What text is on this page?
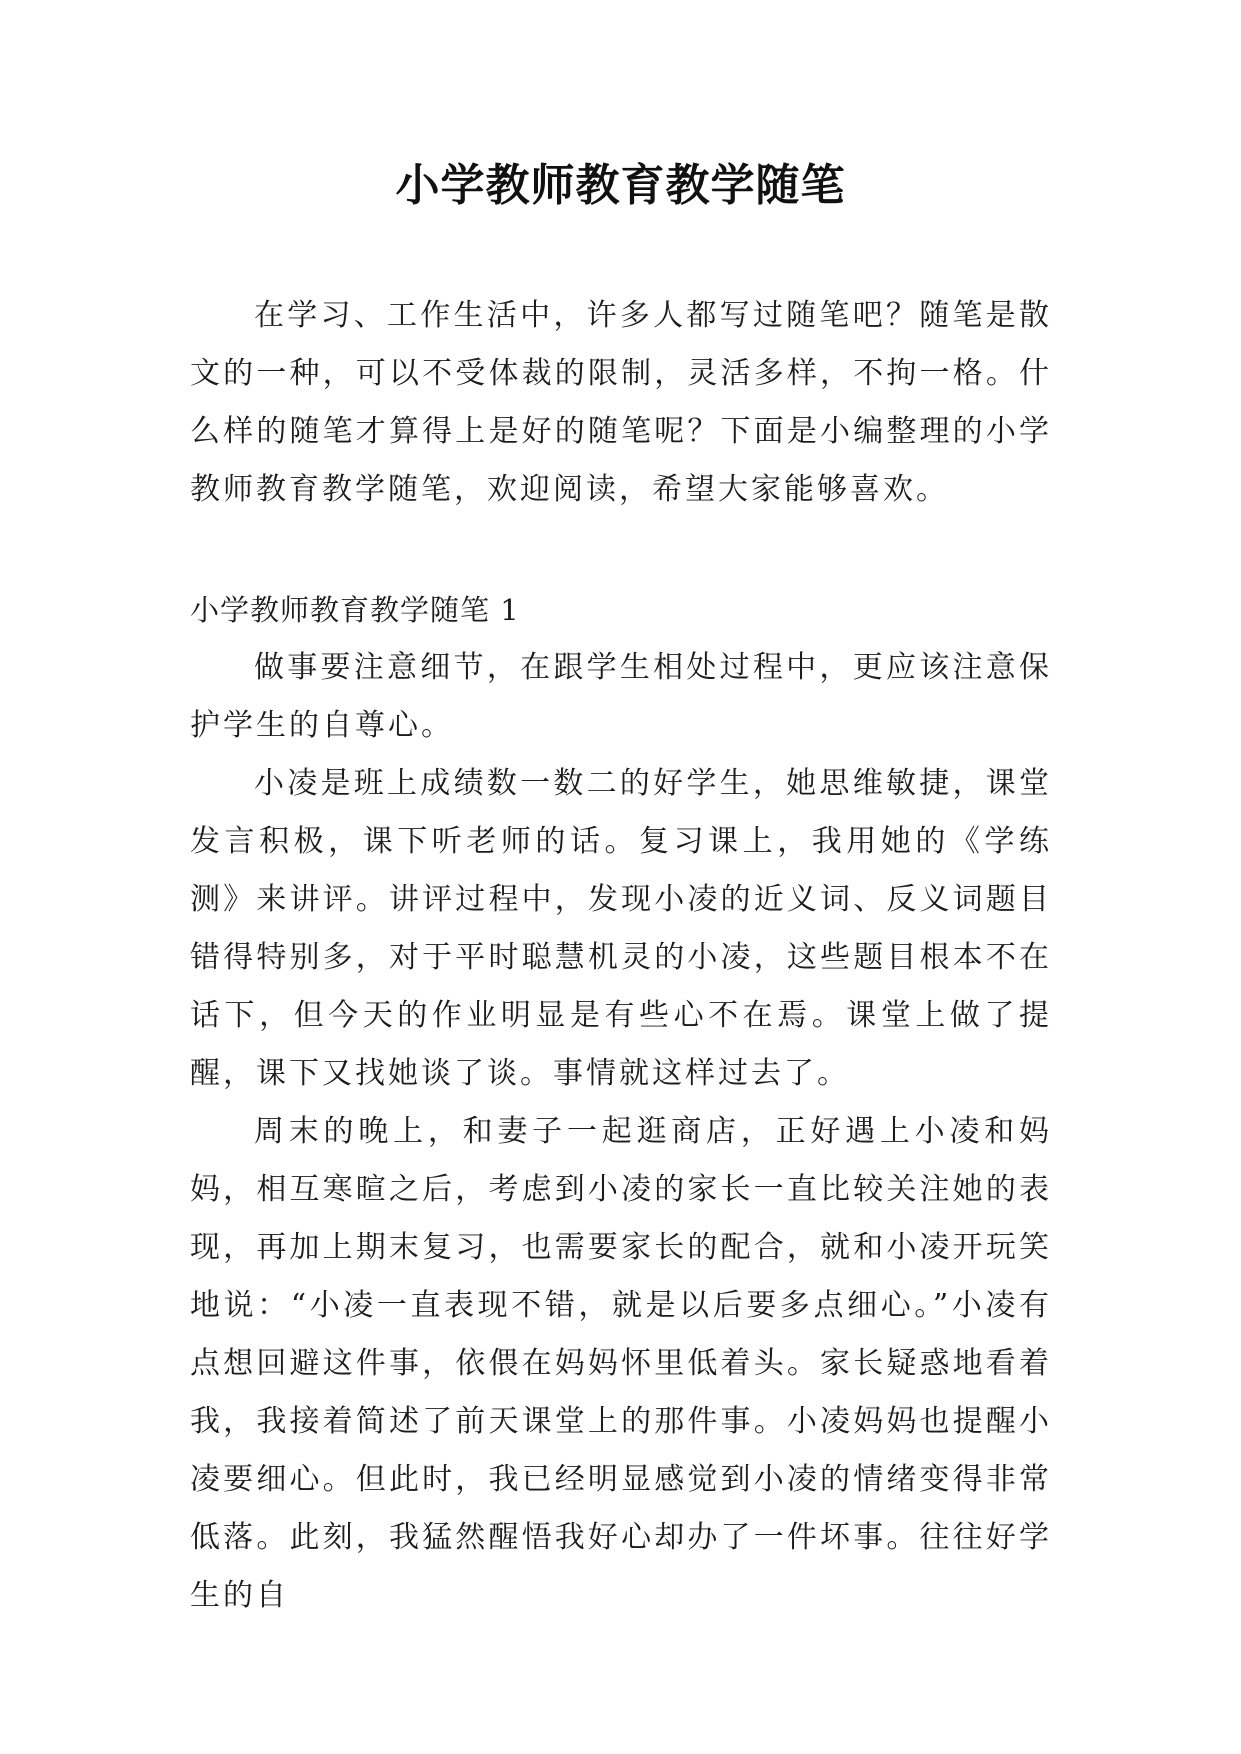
小学教师教育教学随笔

在学习、工作生活中，许多人都写过随笔吧？随笔是散文的一种，可以不受体裁的限制，灵活多样，不拘一格。什么样的随笔才算得上是好的随笔呢？下面是小编整理的小学教师教育教学随笔，欢迎阅读，希望大家能够喜欢。

小学教师教育教学随笔 1

做事要注意细节，在跟学生相处过程中，更应该注意保护学生的自尊心。

小凌是班上成绩数一数二的好学生，她思维敏捷，课堂发言积极，课下听老师的话。复习课上，我用她的《学练测》来讲评。讲评过程中，发现小凌的近义词、反义词题目错得特别多，对于平时聪慧机灵的小凌，这些题目根本不在话下，但今天的作业明显是有些心不在焉。课堂上做了提醒，课下又找她谈了谈。事情就这样过去了。

周末的晚上，和妻子一起逛商店，正好遇上小凌和妈妈，相互寒暄之后，考虑到小凌的家长一直比较关注她的表现，再加上期末复习，也需要家长的配合，就和小凌开玩笑地说：“小凌一直表现不错，就是以后要多点细心。”小凌有点想回避这件事，依偎在妈妈怀里低着头。家长疑惑地看着我，我接着简述了前天课堂上的那件事。小凌妈妈也提醒小凌要细心。但此时，我已经明显感觉到小凌的情绪变得非常低落。此刻，我猛然醒悟我好心却办了一件坏事。往往好学生的自
